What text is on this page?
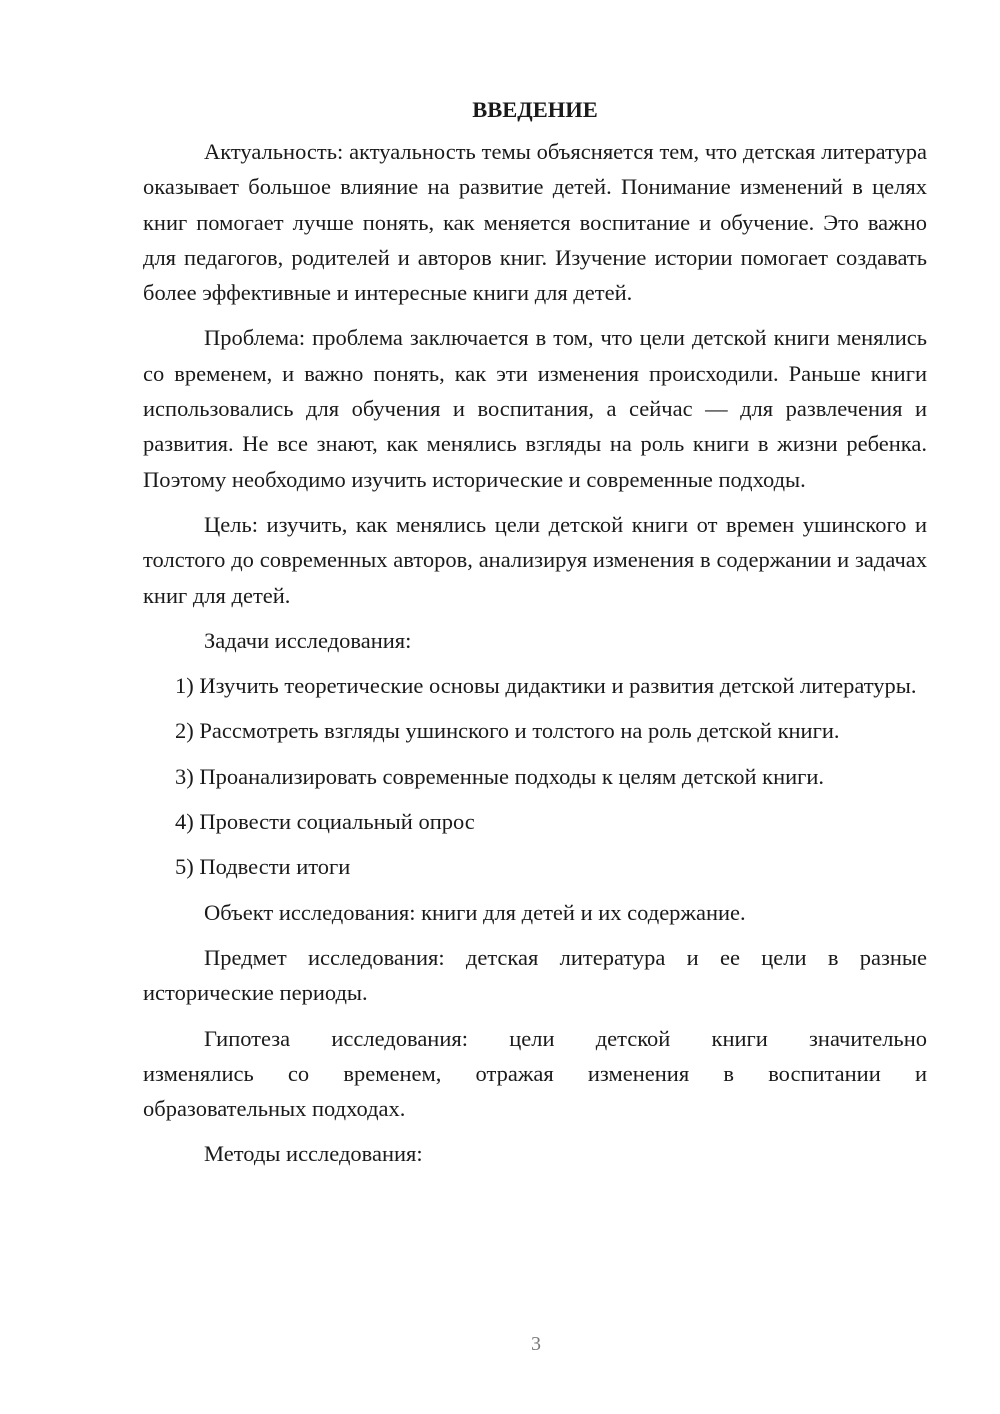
ВВЕДЕНИЕ

Актуальность: актуальность темы объясняется тем, что детская литература оказывает большое влияние на развитие детей. Понимание изменений в целях книг помогает лучше понять, как меняется воспитание и обучение. Это важно для педагогов, родителей и авторов книг. Изучение истории помогает создавать более эффективные и интересные книги для детей.

Проблема: проблема заключается в том, что цели детской книги менялись со временем, и важно понять, как эти изменения происходили. Раньше книги использовались для обучения и воспитания, а сейчас — для развлечения и развития. Не все знают, как менялись взгляды на роль книги в жизни ребенка. Поэтому необходимо изучить исторические и современные подходы.

Цель: изучить, как менялись цели детской книги от времен ушинского и толстого до современных авторов, анализируя изменения в содержании и задачах книг для детей.

Задачи исследования:

1) Изучить теоретические основы дидактики и развития детской литературы.

2) Рассмотреть взгляды ушинского и толстого на роль детской книги.

3) Проанализировать современные подходы к целям детской книги.

4) Провести социальный опрос

5) Подвести итоги

Объект исследования: книги для детей и их содержание.

Предмет исследования: детская литература и ее цели в разные исторические периоды.

Гипотеза исследования: цели детской книги значительно
изменялись со временем, отражая изменения в воспитании и
образовательных подходах.

Методы исследования:

3
